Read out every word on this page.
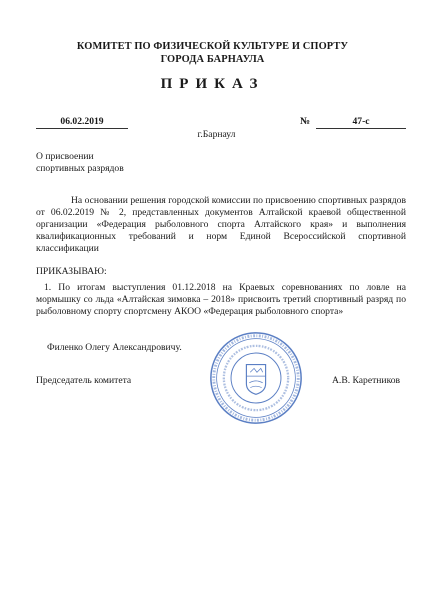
КОМИТЕТ ПО ФИЗИЧЕСКОЙ КУЛЬТУРЕ И СПОРТУ
ГОРОДА БАРНАУЛА
ПРИКАЗ
06.02.2019	№	47-с
г.Барнаул
О присвоении
спортивных разрядов
На основании решения городской комиссии по присвоению спортивных разрядов от 06.02.2019 № 2, представленных документов Алтайской краевой общественной организации «Федерация рыболовного спорта Алтайского края» и выполнения квалификационных требований и норм Единой Всероссийской спортивной классификации
ПРИКАЗЫВАЮ:
1. По итогам выступления 01.12.2018 на Краевых соревнованиях по ловле на мормышку со льда «Алтайская зимовка – 2018» присвоить третий спортивный разряд по рыболовному спорту спортсмену АКОО «Федерация рыболовного спорта»
Филенко Олегу Александровичу.
Председатель комитета	А.В. Каретников
